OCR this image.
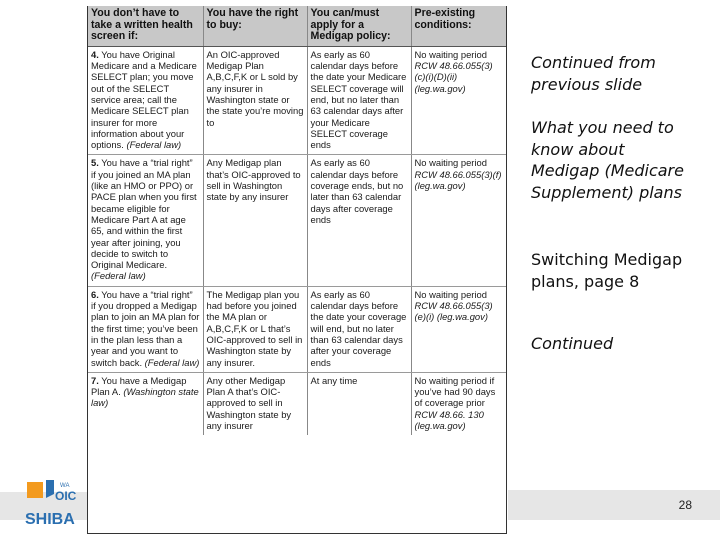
You don’t have to take a written health screen if:	You have the right to buy:	You can/must apply for a Medigap policy:	Pre-existing conditions:
4. You have Original Medicare and a Medicare SELECT plan; you move out of the SELECT service area; call the Medicare SELECT plan insurer for more information about your options. (Federal law)	An OIC-approved Medigap Plan A,B,C,F,K or L sold by any insurer in Washington state or the state you’re moving to	As early as 60 calendar days before the date your Medicare SELECT coverage will end, but no later than 63 calendar days after your Medicare SELECT coverage ends	No waiting period
RCW 48.66.055(3)(c)(i)(D)(ii) (leg.wa.gov)

5. You have a “trial right” if you joined an MA plan (like an HMO or PPO) or PACE plan when you first became eligible for Medicare Part A at age 65, and within the first year after joining, you decide to switch to Original Medicare. (Federal law)	Any Medigap plan that’s OIC-approved to sell in Washington state by any insurer	As early as 60 calendar days before coverage ends, but no later than 63 calendar days after coverage ends	No waiting period
RCW 48.66.055(3)(f) (leg.wa.gov)

6. You have a “trial right” if you dropped a Medigap plan to join an MA plan for the first time; you’ve been in the plan less than a year and you want to switch back. (Federal law)	The Medigap plan you had before you joined the MA plan or A,B,C,F,K or L that’s OIC-approved to sell in Washington state by any insurer.	As early as 60 calendar days before the date your coverage will end, but no later than 63 calendar days after your coverage ends	No waiting period
RCW 48.66.055(3)(e)(i) (leg.wa.gov)

7. You have a Medigap Plan A. (Washington state law)	Any other Medigap Plan A that’s OIC-approved to sell in Washington state by any insurer	At any time	No waiting period if you’ve had 90 days of coverage prior
RCW 48.66. 130 (leg.wa.gov)
Continued from previous slide
What you need to know about Medigap (Medicare Supplement) plans
Switching Medigap plans, page 8
Continued
28
WA
OIC
SHIBA
